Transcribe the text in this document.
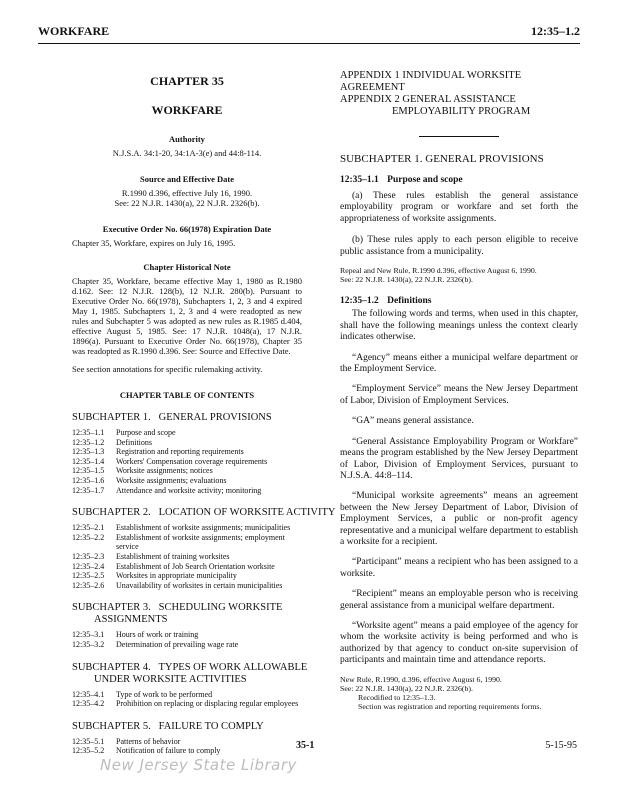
WORKFARE	12:35–1.2
CHAPTER 35
WORKFARE
Authority
N.J.S.A. 34:1-20, 34:1A-3(e) and 44:8-114.
Source and Effective Date
R.1990 d.396, effective July 16, 1990.
See: 22 N.J.R. 1430(a), 22 N.J.R. 2326(b).
Executive Order No. 66(1978) Expiration Date
Chapter 35, Workfare, expires on July 16, 1995.
Chapter Historical Note
Chapter 35, Workfare, became effective May 1, 1980 as R.1980 d.162. See: 12 N.J.R. 128(b), 12 N.J.R. 280(b). Pursuant to Executive Order No. 66(1978), Subchapters 1, 2, 3 and 4 expired May 1, 1985. Subchapters 1, 2, 3 and 4 were readopted as new rules and Subchapter 5 was adopted as new rules as R.1985 d.404, effective August 5, 1985. See: 17 N.J.R. 1048(a), 17 N.J.R. 1896(a). Pursuant to Executive Order No. 66(1978), Chapter 35 was readopted as R.1990 d.396. See: Source and Effective Date.
See section annotations for specific rulemaking activity.
CHAPTER TABLE OF CONTENTS
SUBCHAPTER 1.   GENERAL PROVISIONS
12:35–1.1	Purpose and scope
12:35–1.2	Definitions
12:35–1.3	Registration and reporting requirements
12:35–1.4	Workers' Compensation coverage requirements
12:35–1.5	Worksite assignments; notices
12:35–1.6	Worksite assignments; evaluations
12:35–1.7	Attendance and worksite activity; monitoring
SUBCHAPTER 2.   LOCATION OF WORKSITE ACTIVITY
12:35–2.1	Establishment of worksite assignments; municipalities
12:35–2.2	Establishment of worksite assignments; employment service
12:35–2.3	Establishment of training worksites
12:35–2.4	Establishment of Job Search Orientation worksite
12:35–2.5	Worksites in appropriate municipality
12:35–2.6	Unavailability of worksites in certain municipalities
SUBCHAPTER 3.   SCHEDULING WORKSITE
ASSIGNMENTS
12:35–3.1	Hours of work or training
12:35–3.2	Determination of prevailing wage rate
SUBCHAPTER 4.   TYPES OF WORK ALLOWABLE
UNDER WORKSITE ACTIVITIES
12:35–4.1	Type of work to be performed
12:35–4.2	Prohibition on replacing or displacing regular employees
SUBCHAPTER 5.   FAILURE TO COMPLY
12:35–5.1	Patterns of behavior
12:35–5.2	Notification of failure to comply
APPENDIX 1 INDIVIDUAL WORKSITE AGREEMENT
APPENDIX 2 GENERAL ASSISTANCE
EMPLOYABILITY PROGRAM
SUBCHAPTER 1. GENERAL PROVISIONS
12:35–1.1 Purpose and scope
(a) These rules establish the general assistance employability program or workfare and set forth the appropriateness of worksite assignments.
(b) These rules apply to each person eligible to receive public assistance from a municipality.
Repeal and New Rule, R.1990 d.396, effective August 6, 1990.
See: 22 N.J.R. 1430(a), 22 N.J.R. 2326(b).
12:35–1.2 Definitions
The following words and terms, when used in this chapter, shall have the following meanings unless the context clearly indicates otherwise.
“Agency” means either a municipal welfare department or the Employment Service.
“Employment Service” means the New Jersey Department of Labor, Division of Employment Services.
“GA” means general assistance.
“General Assistance Employability Program or Workfare” means the program established by the New Jersey Department of Labor, Division of Employment Services, pursuant to N.J.S.A. 44:8–114.
“Municipal worksite agreements” means an agreement between the New Jersey Department of Labor, Division of Employment Services, a public or non-profit agency representative and a municipal welfare department to establish a worksite for a recipient.
“Participant” means a recipient who has been assigned to a worksite.
“Recipient” means an employable person who is receiving general assistance from a municipal welfare department.
“Worksite agent” means a paid employee of the agency for whom the worksite activity is being performed and who is authorized by that agency to conduct on-site supervision of participants and maintain time and attendance reports.
New Rule, R.1990, d.396, effective August 6, 1990.
See: 22 N.J.R. 1430(a), 22 N.J.R. 2326(b).
Recodified to 12:35–1.3.
Section was registration and reporting requirements forms.
35-1	5-15-95
New Jersey State Library
